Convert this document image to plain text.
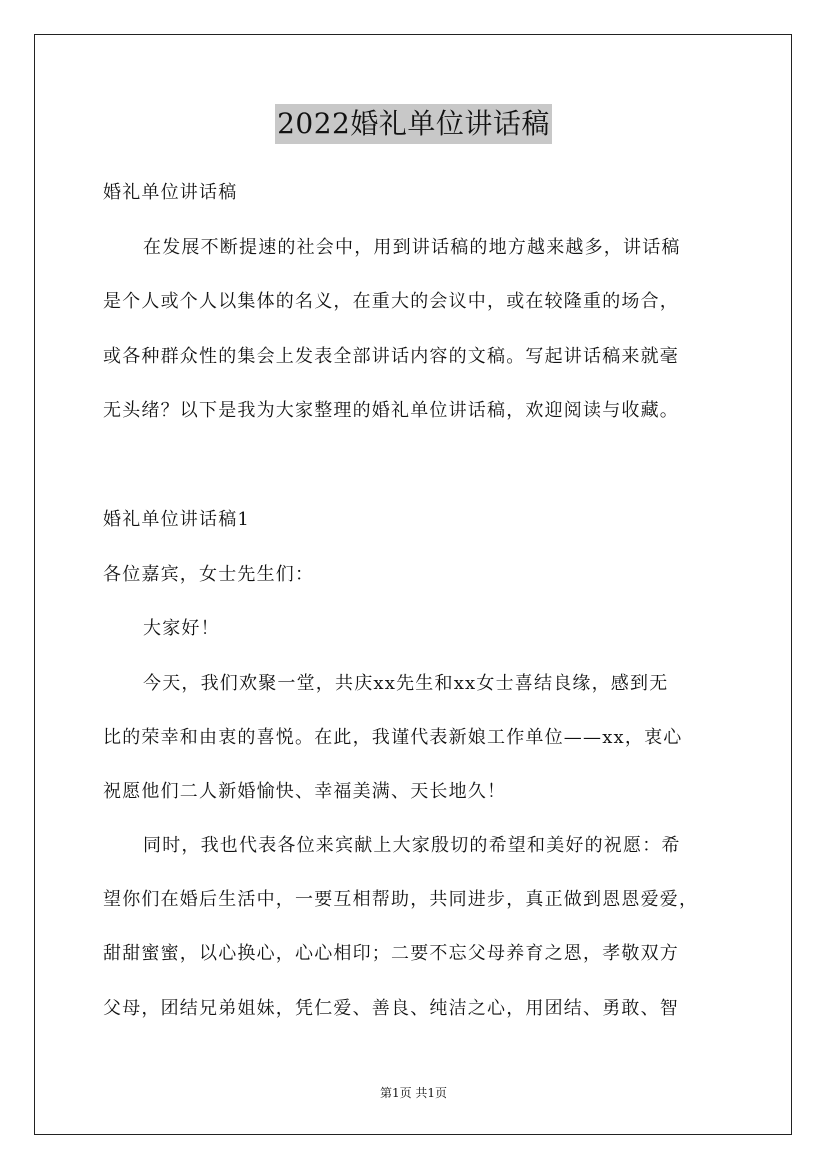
2022婚礼单位讲话稿
婚礼单位讲话稿
在发展不断提速的社会中，用到讲话稿的地方越来越多，讲话稿
是个人或个人以集体的名义，在重大的会议中，或在较隆重的场合，
或各种群众性的集会上发表全部讲话内容的文稿。写起讲话稿来就毫
无头绪？以下是我为大家整理的婚礼单位讲话稿，欢迎阅读与收藏。
婚礼单位讲话稿1
各位嘉宾，女士先生们：
大家好！
今天，我们欢聚一堂，共庆xx先生和xx女士喜结良缘，感到无
比的荣幸和由衷的喜悦。在此，我谨代表新娘工作单位——xx，衷心
祝愿他们二人新婚愉快、幸福美满、天长地久！
同时，我也代表各位来宾献上大家殷切的希望和美好的祝愿：希
望你们在婚后生活中，一要互相帮助，共同进步，真正做到恩恩爱爱，
甜甜蜜蜜，以心换心，心心相印；二要不忘父母养育之恩，孝敬双方
父母，团结兄弟姐妹，凭仁爱、善良、纯洁之心，用团结、勇敢、智
第1页 共1页
